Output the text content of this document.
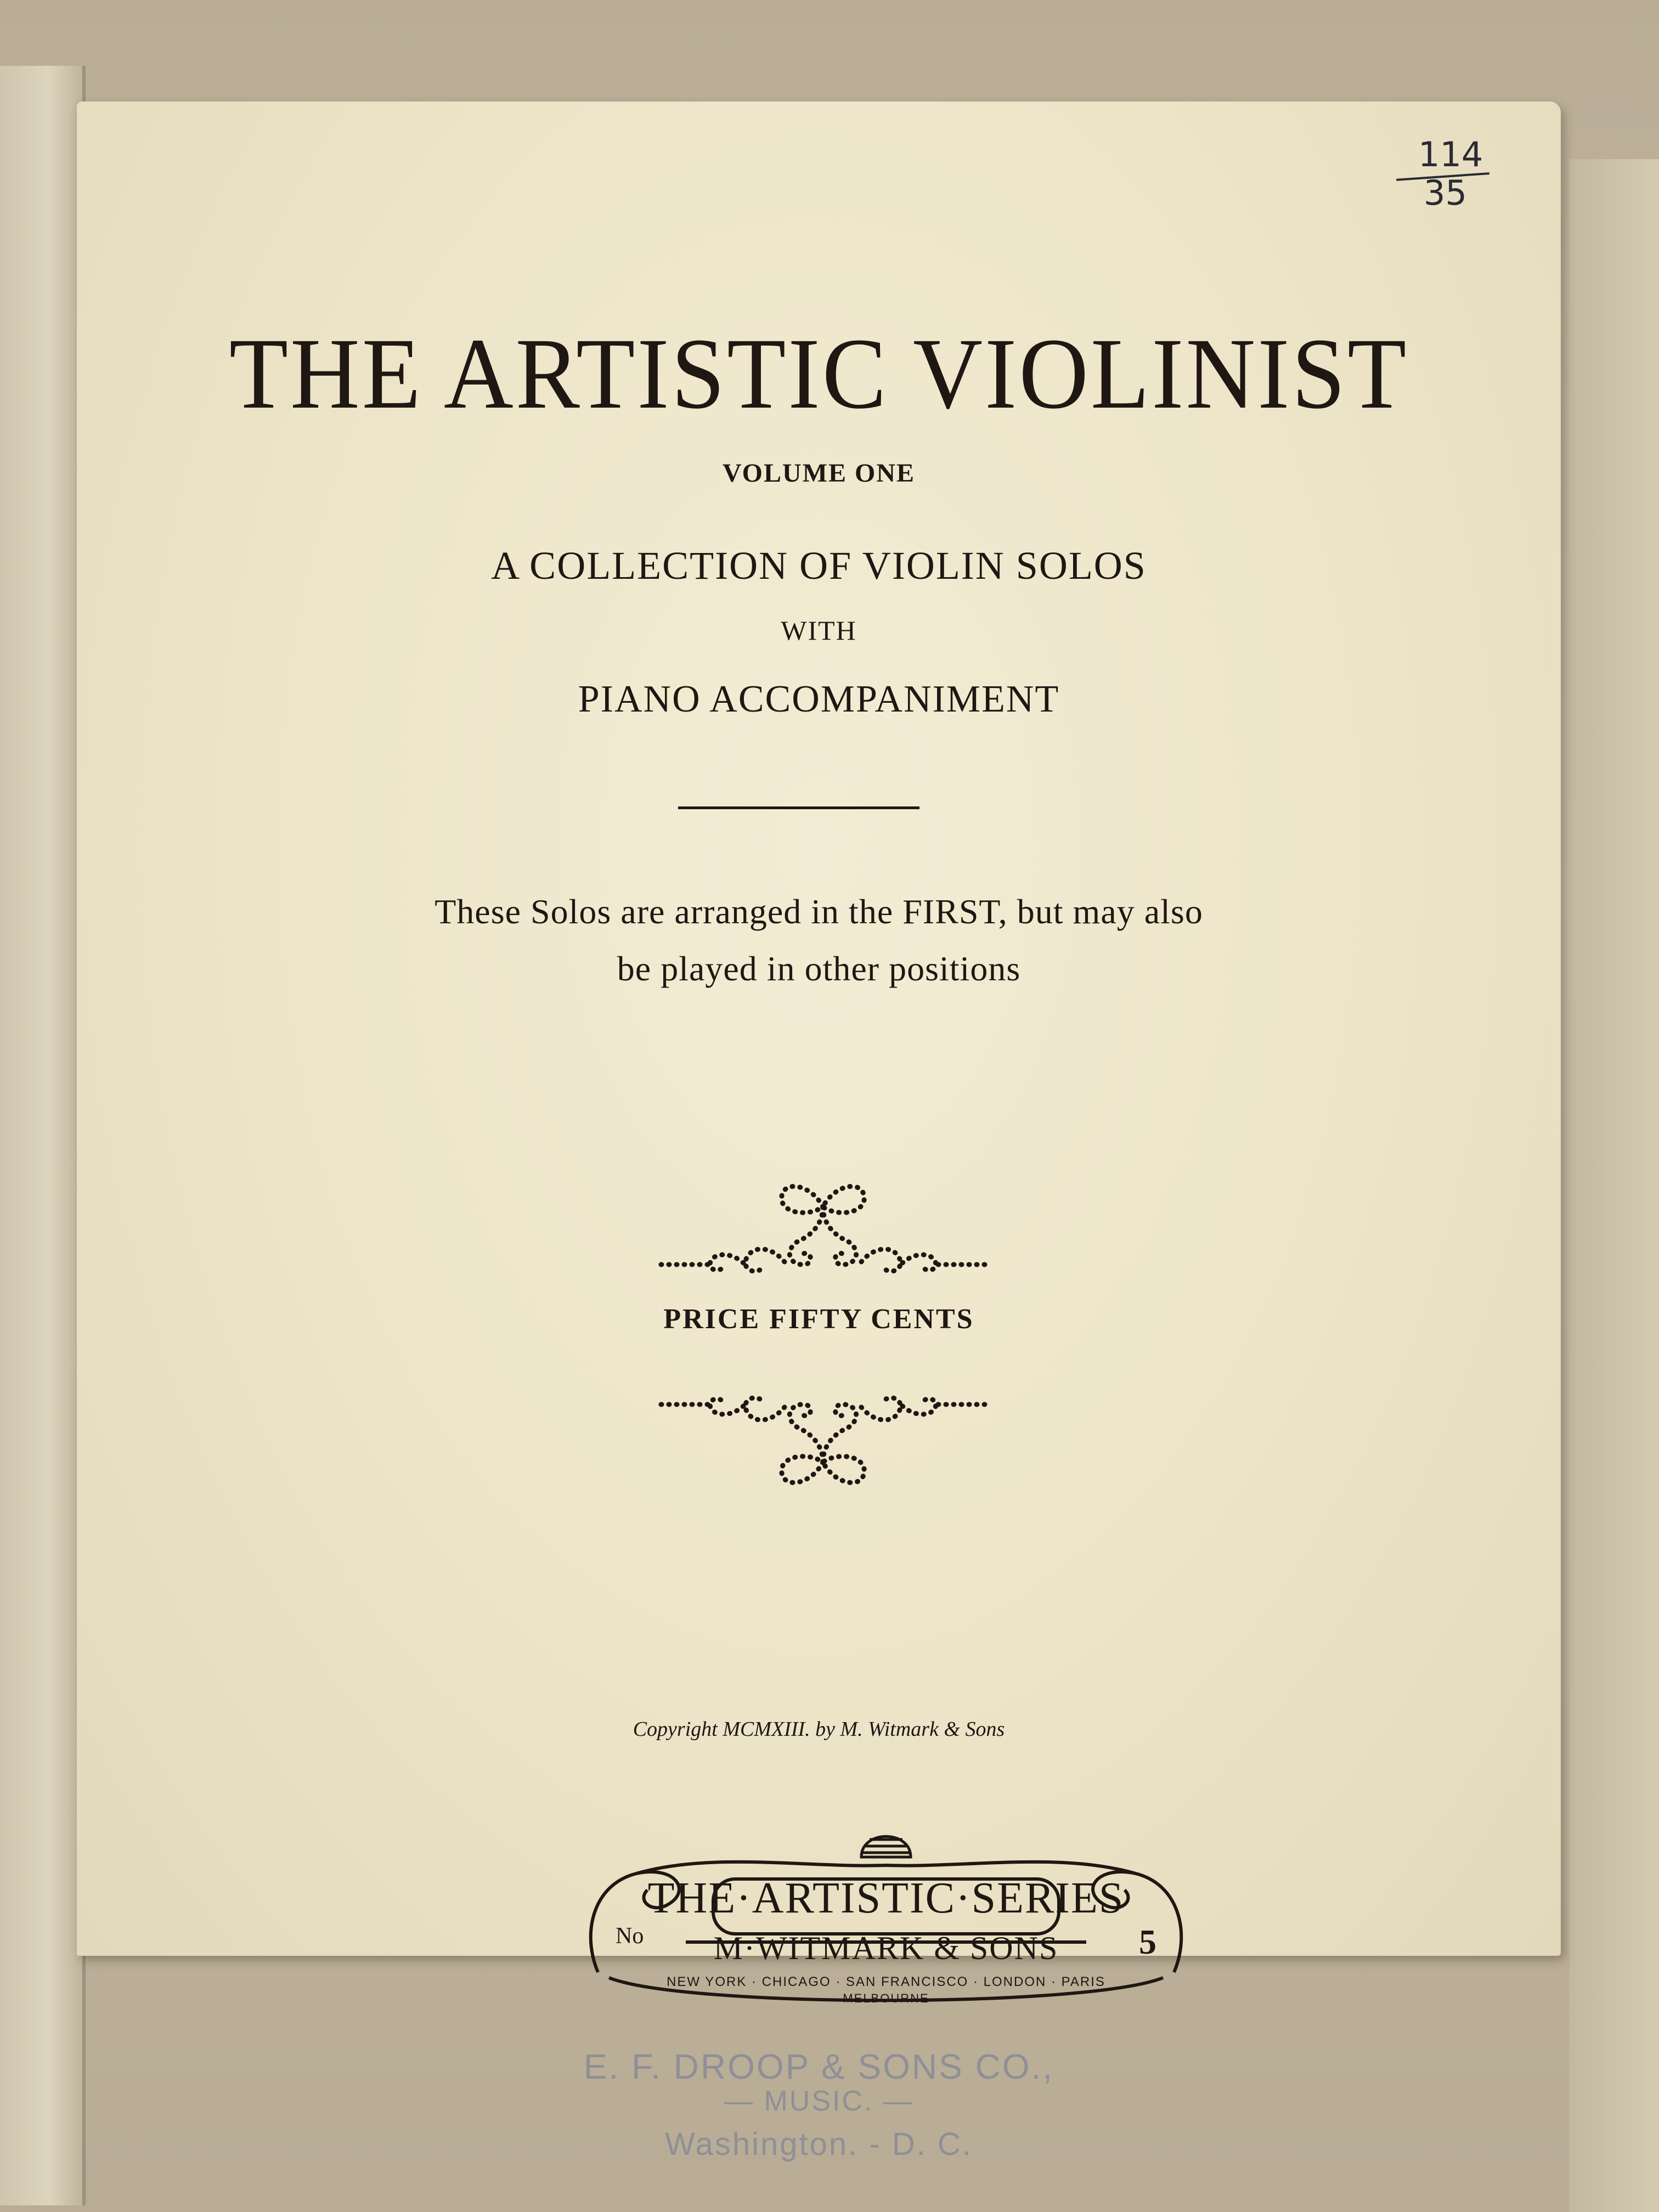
114
35
THE ARTISTIC VIOLINIST
VOLUME ONE
A COLLECTION OF VIOLIN SOLOS
WITH
PIANO ACCOMPANIMENT
These Solos are arranged in the FIRST, but may also
be played in other positions
PRICE FIFTY CENTS
Copyright MCMXIII. by M. Witmark & Sons
No
THE·ARTISTIC·SERIES
5
M·WITMARK & SONS
NEW YORK · CHICAGO · SAN FRANCISCO · LONDON · PARIS
MELBOURNE
E. F. DROOP & SONS CO.,
— MUSIC. —
Washington. - D. C.
